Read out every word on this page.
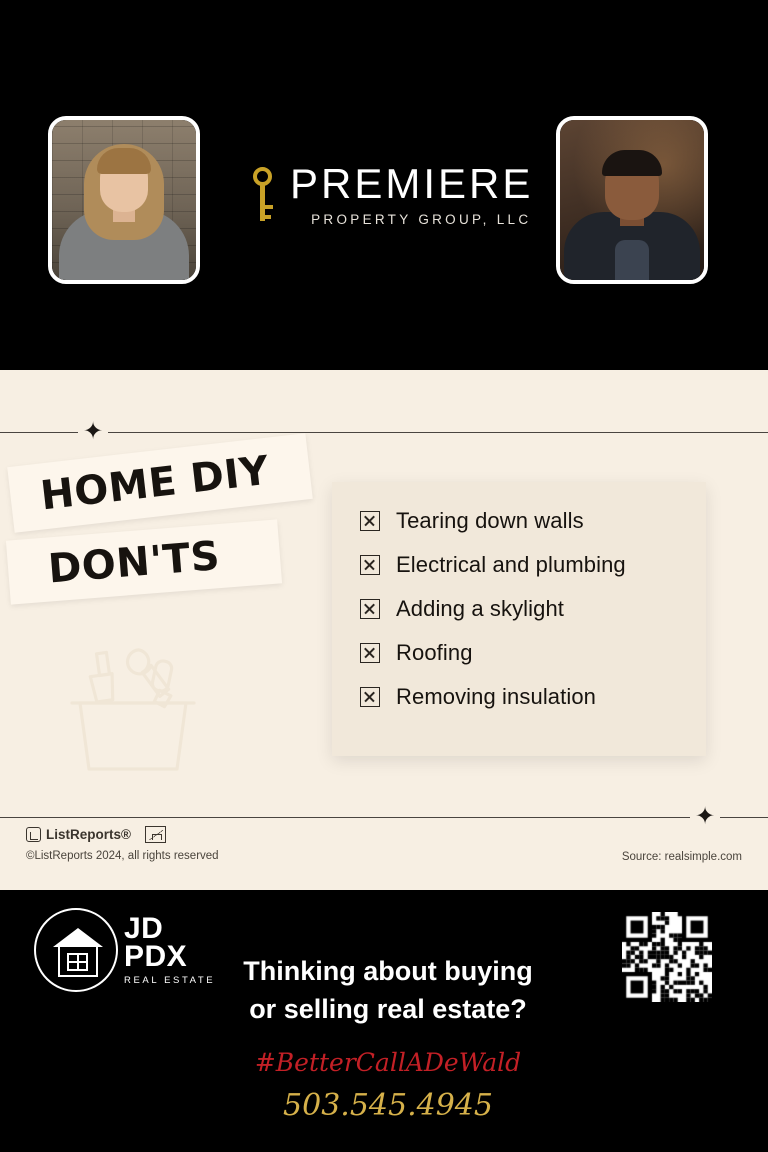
PREMIERE
PROPERTY GROUP, LLC
✦
✦
HOME DIY
DON'TS
Tearing down walls
Electrical and plumbing
Adding a skylight
Roofing
Removing insulation
ListReports®
©ListReports 2024, all rights reserved	Source: realsimple.com
JD
PDX
REAL ESTATE	Thinking about buying
or selling real estate?
#BetterCallADeWald
503.545.4945
